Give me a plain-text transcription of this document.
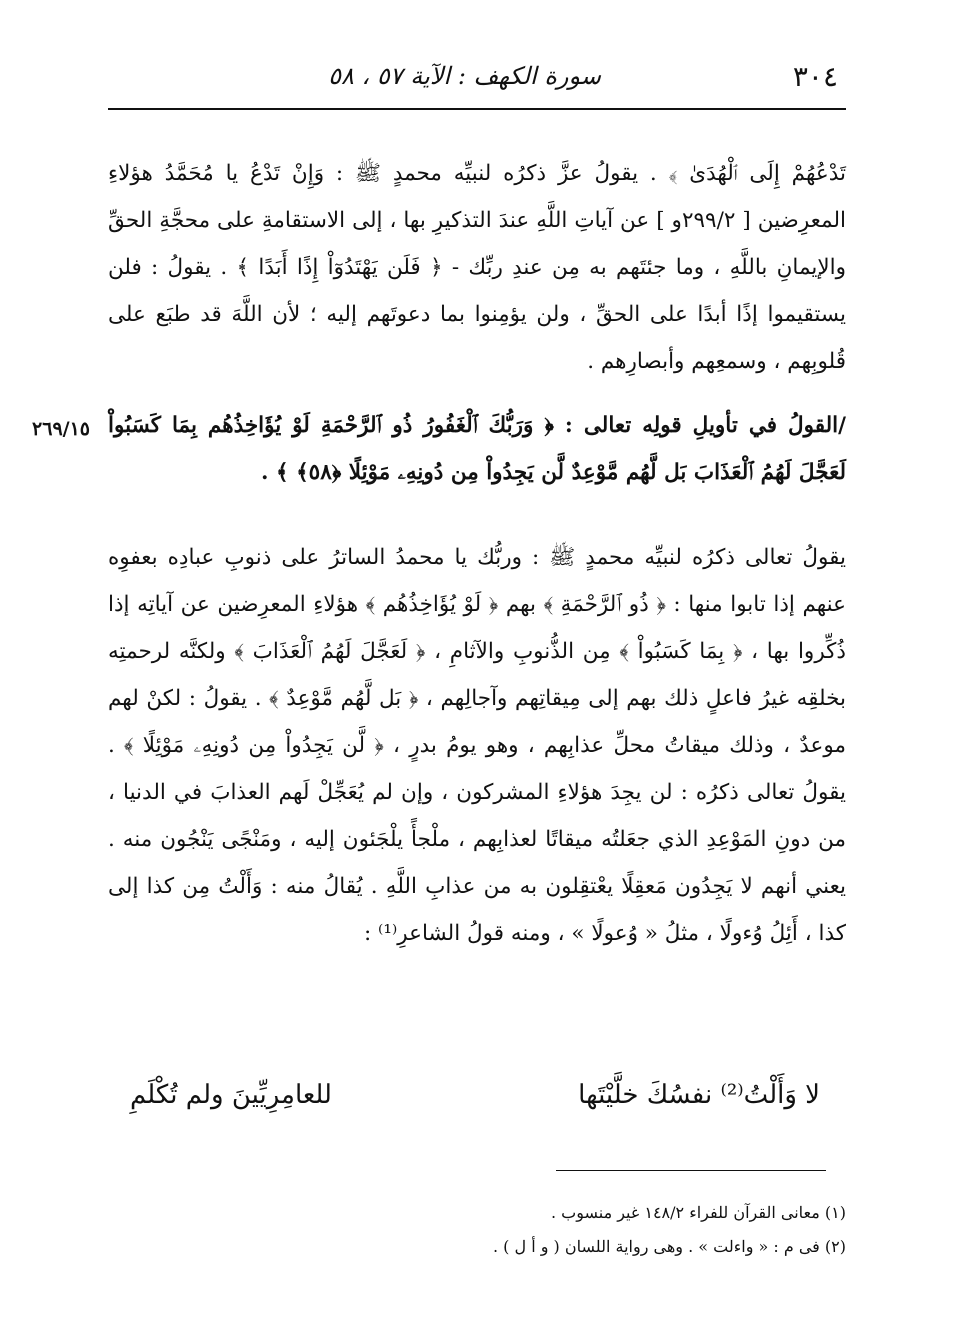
٣٠٤
سورة الكهف : الآية ٥٧ ، ٥٨

تَدْعُهُمْ إِلَى ٱلْهُدَىٰ ﴾ . يقولُ عزَّ ذكرُه لنبيِّه محمدٍ ﷺ : وَإِنْ تَدْعُ يا مُحَمَّدُ هؤلاءِ المعرِضين [ ٢٩٩/٢و ] عن آياتِ اللَّهِ عندَ التذكيرِ بها ، إلى الاستقامةِ على محجَّةِ الحقِّ والإيمانِ باللَّهِ ، وما جئتَهم به مِن عندِ ربِّك - ﴿ فَلَن يَهْتَدُوٓاْ إِذًا أَبَدًا ﴾ . يقولُ : فلن يستقيموا إذًا أبدًا على الحقِّ ، ولن يؤمِنوا بما دعوتَهم إليه ؛ لأن اللَّهَ قد طبَع على قُلوبِهم ، وسمعِهم وأبصارِهم .

٢٦٩/١٥ /القولُ في تأويلِ قولِه تعالى : ﴿ وَرَبُّكَ ٱلْغَفُورُ ذُو ٱلرَّحْمَةِ لَوْ يُؤَاخِذُهُم بِمَا كَسَبُواْ لَعَجَّلَ لَهُمُ ٱلْعَذَابَ بَل لَّهُم مَّوْعِدٌ لَّن يَجِدُواْ مِن دُونِهِۦ مَوْئِلًا ﴿٥٨﴾ ﴾ .

يقولُ تعالى ذكرُه لنبيِّه محمدٍ ﷺ : وربُّك يا محمدُ الساترُ على ذنوبِ عبادِه بعفوِه عنهم إذا تابوا منها : ﴿ ذُو ٱلرَّحْمَةِ ﴾ بهم ﴿ لَوْ يُؤَاخِذُهُم ﴾ هؤلاءِ المعرِضين عن آياتِه إذا ذُكِّروا بها ، ﴿ بِمَا كَسَبُواْ ﴾ مِن الذُّنوبِ والآثامِ ، ﴿ لَعَجَّلَ لَهُمُ ٱلْعَذَابَ ﴾ ولكنَّه لرحمتِه بخلقِه غيرُ فاعلٍ ذلك بهم إلى مِيقاتِهم وآجالِهم ، ﴿ بَل لَّهُم مَّوْعِدٌ ﴾ . يقولُ : لكنْ لهم موعدٌ ، وذلك ميقاتُ محلِّ عذابِهم ، وهو يومُ بدرٍ ، ﴿ لَّن يَجِدُواْ مِن دُونِهِۦ مَوْئِلًا ﴾ . يقولُ تعالى ذكرُه : لن يجِدَ هؤلاءِ المشركون ، وإن لم يُعَجِّلْ لَهم العذابَ في الدنيا ، من دونِ المَوْعِدِ الذي جعَلتُه ميقاتًا لعذابِهم ، ملْجأً يلْجَئون إليه ، ومَنْجًى يَنْجُون منه . يعني أنهم لا يَجِدُون مَعقِلًا يعْتقِلون به من عذابِ اللَّهِ . يُقالُ منه : وَأَلْتُ مِن كذا إلى كذا ، أَئِلُ وُءولًا ، مثلُ « وُعولًا » ، ومنه قولُ الشاعرِ⁽¹⁾ :

لا وَأَلْتُ⁽²⁾ نفسُكَ خلَّيْتَها
للعامِرِيِّينَ ولم تُكْلَمِ

(١) معانى القرآن للفراء ١٤٨/٢ غير منسوب .

(٢) فى م : « واءلت » . وهى رواية اللسان ( و أ ل ) .
